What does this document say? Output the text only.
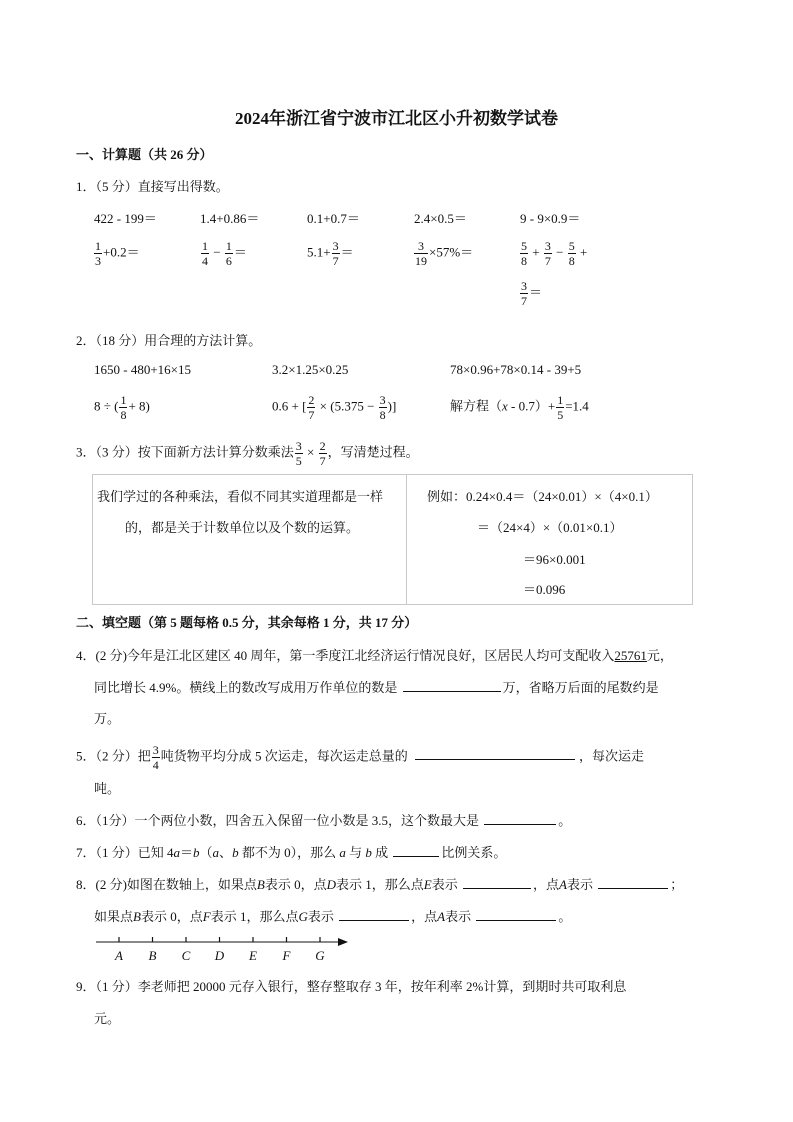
2024年浙江省宁波市江北区小升初数学试卷
一、计算题（共 26 分）
1．（5 分）直接写出得数。
422 - 199＝	1.4+0.86＝	0.1+0.7＝	2.4×0.5＝	9 - 9×0.9＝
$\frac{1}{3} +0.2=$	$\frac{1}{4} - \frac{1}{6}$ ＝	$5.1+ \frac{3}{7}$ ＝	$\frac{3}{19} \times 57\%=$	$\frac{5}{8} + \frac{3}{7} - \frac{5}{8}$ +
$\frac{3}{7}$ ＝
2．（18 分）用合理的方法计算。
1650 - 480+16×15	3.2×1.25×0.25	78×0.96+78×0.14 - 39+5
8 ÷ ( $\frac{1}{8} + 8$)	0.6 + [ $\frac{2}{7} \times (5.375 - \frac{3}{8}$ )]	解方程$(x - 0.7)+ \frac{1}{5} =1.4$
3．（3 分）按下面新方法计算分数乘法 $\frac{3}{5} \times \frac{2}{7}$ ，写清楚过程。
我们学过的各种乘法，看似不同其实道理都是一样
的，都是关于计数单位以及个数的运算。
例如：0.24×0.4＝（24×0.01）×（4×0.1）
＝（24×4）×（0.01×0.1）
＝96×0.001
＝0.096
二、填空题（第 5 题每格 0.5 分，其余每格 1 分，共 17 分）
4．(2 分)今年是江北区建区 40 周年，第一季度江北经济运行情况良好，区居民人均可支配收入25761元，
同比增长 4.9%。横线上的数改写成用万作单位的数是	万，省略万后面的尾数约是
万。
5．（2 分）把 $\frac{3}{4}$ 吨货物平均分成 5 次运走，每次运走总量的	，每次运走
吨。
6．（1分）一个两位小数，四舍五入保留一位小数是 3.5，这个数最大是	。
7．（1 分）已知 4a＝b（a、b 都不为 0），那么 a 与 b 成	比例关系。
8．(2 分)如图在数轴上，如果点B表示 0，点D表示 1，那么点E表示	，点A表示	；
如果点B表示 0，点F表示 1，那么点G表示	，点A表示	。
A B C D E F G
9．（1 分）李老师把 20000 元存入银行，整存整取存 3 年，按年利率 2%计算，到期时共可取利息
元。
